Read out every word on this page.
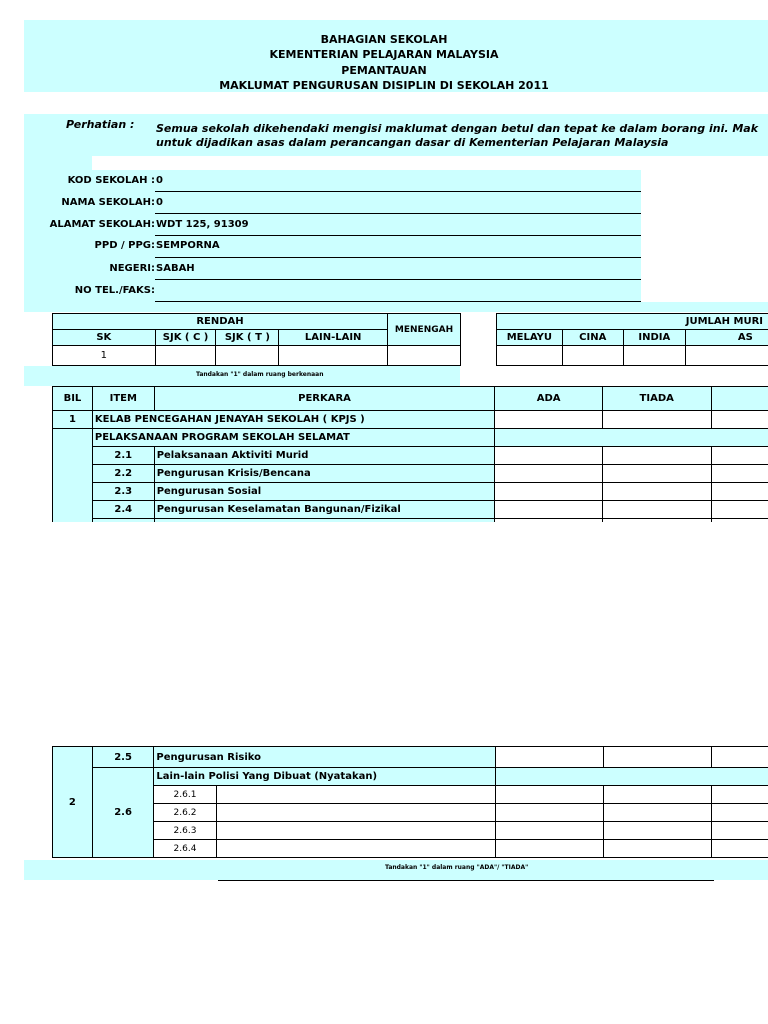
BAHAGIAN SEKOLAH
KEMENTERIAN PELAJARAN MALAYSIA
PEMANTAUAN
MAKLUMAT PENGURUSAN DISIPLIN DI SEKOLAH 2011
Perhatian : Semua sekolah dikehendaki mengisi maklumat dengan betul dan tepat ke dalam borang ini. Mak
untuk dijadikan asas dalam perancangan dasar di Kementerian Pelajaran Malaysia
KOD SEKOLAH : 0
NAMA SEKOLAH: 0
ALAMAT SEKOLAH: WDT 125, 91309
PPD / PPG: SEMPORNA
NEGERI: SABAH
NO TEL./FAKS:
RENDAH				MENENGAH
SK	SJK ( C )	SJK ( T )	LAIN-LAIN	
1				
Tandakan "1" dalam ruang berkenaan
JUMLAH MURI			
MELAYU	CINA	INDIA	AS

BIL	ITEM	PERKARA	ADA	TIADA	
1	KELAB PENCEGAHAN JENAYAH SEKOLAH ( KPJS )				
	PELAKSANAAN PROGRAM SEKOLAH SELAMAT				
	2.1	Pelaksanaan Aktiviti Murid			
	2.2	Pengurusan Krisis/Bencana			
	2.3	Pengurusan Sosial			
	2.4	Pengurusan Keselamatan Bangunan/Fizikal			

2	2.5	Pengurusan Risiko				
	2.6	Lain-lain Polisi Yang Dibuat (Nyatakan)				
		2.6.1				
		2.6.2				
		2.6.3				
		2.6.4				
Tandakan "1" dalam ruang "ADA"/ "TIADA"
